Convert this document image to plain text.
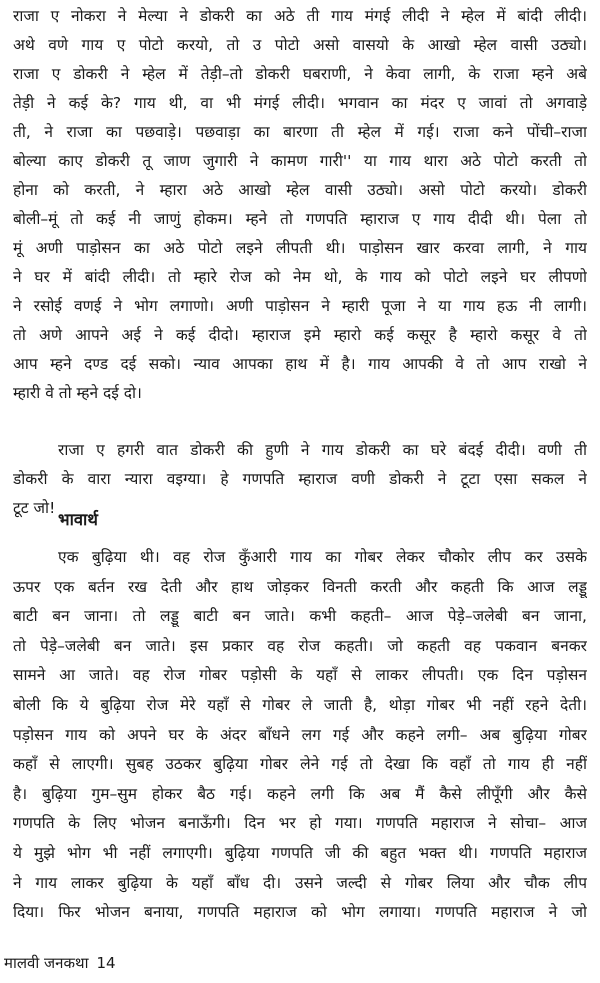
राजा ए नोकरा ने मेल्या ने डोकरी का अठे ती गाय मंगई लीदी ने म्हेल में बांदी लीदी।
अथे वणे गाय ए पोटो करयो, तो उ पोटो असो वासयो के आखो म्हेल वासी उठ्यो।
राजा ए डोकरी ने म्हेल में तेड़ी–तो डोकरी घबराणी, ने केवा लागी, के राजा म्हने अबे
तेड़ी ने कई के? गाय थी, वा भी मंगई लीदी। भगवान का मंदर ए जावां तो अगवाड़े
ती, ने राजा का पछवाड़े। पछवाड़ा का बारणा ती म्हेल में गई। राजा कने पोंची–राजा
बोल्या काए डोकरी तू जाण जुगारी ने कामण गारी'' या गाय थारा अठे पोटो करती तो
होना को करती, ने म्हारा अठे आखो म्हेल वासी उठ्यो। असो पोटो करयो। डोकरी
बोली–मूं तो कई नी जाणुं होकम। म्हने तो गणपति म्हाराज ए गाय दीदी थी। पेला तो
मूं अणी पाड़ोसन का अठे पोटो लइने लीपती थी। पाड़ोसन खार करवा लागी, ने गाय
ने घर में बांदी लीदी। तो म्हारे रोज को नेम थो, के गाय को पोटो लइने घर लीपणो
ने रसोई वणई ने भोग लगाणो। अणी पाड़ोसन ने म्हारी पूजा ने या गाय हऊ नी लागी।
तो अणे आपने अई ने कई दीदो। म्हाराज इमे म्हारो कई कसूर है म्हारो कसूर वे तो
आप म्हने दण्ड दई सको। न्याव आपका हाथ में है। गाय आपकी वे तो आप राखो ने
म्हारी वे तो म्हने दई दो।
राजा ए हगरी वात डोकरी की हुणी ने गाय डोकरी का घरे बंदई दीदी। वणी ती
डोकरी के वारा न्यारा वइग्या। हे गणपति म्हाराज वणी डोकरी ने टूटा एसा सकल ने
टूट जो!
भावार्थ
एक बुढ़िया थी। वह रोज कुँआरी गाय का गोबर लेकर चौकोर लीप कर उसके
ऊपर एक बर्तन रख देती और हाथ जोड़कर विनती करती और कहती कि आज लड्डू
बाटी बन जाना। तो लड्डू बाटी बन जाते। कभी कहती– आज पेड़े–जलेबी बन जाना,
तो पेड़े–जलेबी बन जाते। इस प्रकार वह रोज कहती। जो कहती वह पकवान बनकर
सामने आ जाते। वह रोज गोबर पड़ोसी के यहाँ से लाकर लीपती। एक दिन पड़ोसन
बोली कि ये बुढ़िया रोज मेरे यहाँ से गोबर ले जाती है, थोड़ा गोबर भी नहीं रहने देती।
पड़ोसन गाय को अपने घर के अंदर बाँधने लग गई और कहने लगी– अब बुढ़िया गोबर
कहाँ से लाएगी। सुबह उठकर बुढ़िया गोबर लेने गई तो देखा कि वहाँ तो गाय ही नहीं
है। बुढ़िया गुम–सुम होकर बैठ गई। कहने लगी कि अब मैं कैसे लीपूँगी और कैसे
गणपति के लिए भोजन बनाऊँगी। दिन भर हो गया। गणपति महाराज ने सोचा– आज
ये मुझे भोग भी नहीं लगाएगी। बुढ़िया गणपति जी की बहुत भक्त थी। गणपति महाराज
ने गाय लाकर बुढ़िया के यहाँ बाँध दी। उसने जल्दी से गोबर लिया और चौक लीप
दिया। फिर भोजन बनाया, गणपति महाराज को भोग लगाया। गणपति महाराज ने जो
मालवी जनकथा 14
